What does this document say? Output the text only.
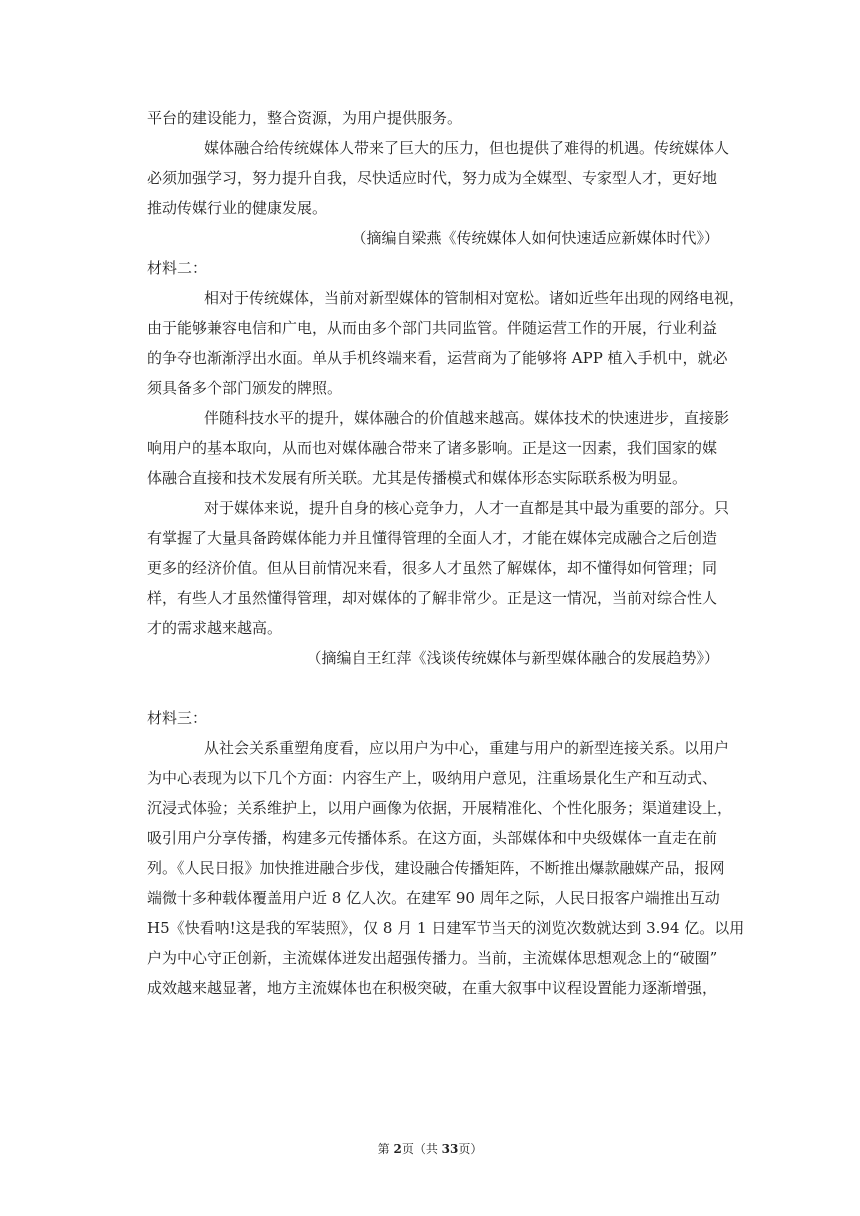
平台的建设能力，整合资源，为用户提供服务。
媒体融合给传统媒体人带来了巨大的压力，但也提供了难得的机遇。传统媒体人
必须加强学习，努力提升自我，尽快适应时代，努力成为全媒型、专家型人才，更好地
推动传媒行业的健康发展。
（摘编自梁燕《传统媒体人如何快速适应新媒体时代》）
材料二：
相对于传统媒体，当前对新型媒体的管制相对宽松。诸如近些年出现的网络电视，
由于能够兼容电信和广电，从而由多个部门共同监管。伴随运营工作的开展，行业利益
的争夺也渐渐浮出水面。单从手机终端来看，运营商为了能够将 APP 植入手机中，就必
须具备多个部门颁发的牌照。
伴随科技水平的提升，媒体融合的价值越来越高。媒体技术的快速进步，直接影
响用户的基本取向，从而也对媒体融合带来了诸多影响。正是这一因素，我们国家的媒
体融合直接和技术发展有所关联。尤其是传播模式和媒体形态实际联系极为明显。
对于媒体来说，提升自身的核心竞争力，人才一直都是其中最为重要的部分。只
有掌握了大量具备跨媒体能力并且懂得管理的全面人才，才能在媒体完成融合之后创造
更多的经济价值。但从目前情况来看，很多人才虽然了解媒体，却不懂得如何管理；同
样，有些人才虽然懂得管理，却对媒体的了解非常少。正是这一情况，当前对综合性人
才的需求越来越高。
（摘编自王红萍《浅谈传统媒体与新型媒体融合的发展趋势》）
材料三：
从社会关系重塑角度看，应以用户为中心，重建与用户的新型连接关系。以用户
为中心表现为以下几个方面：内容生产上，吸纳用户意见，注重场景化生产和互动式、
沉浸式体验；关系维护上，以用户画像为依据，开展精准化、个性化服务；渠道建设上，
吸引用户分享传播，构建多元传播体系。在这方面，头部媒体和中央级媒体一直走在前
列。《人民日报》加快推进融合步伐，建设融合传播矩阵，不断推出爆款融媒产品，报网
端微十多种载体覆盖用户近 8 亿人次。在建军 90 周年之际，人民日报客户端推出互动
H5《快看呐!这是我的军装照》，仅 8 月 1 日建军节当天的浏览次数就达到 3.94 亿。以用
户为中心守正创新，主流媒体迸发出超强传播力。当前，主流媒体思想观念上的“破圈”
成效越来越显著，地方主流媒体也在积极突破，在重大叙事中议程设置能力逐渐增强，
第 2页（共 33页）
